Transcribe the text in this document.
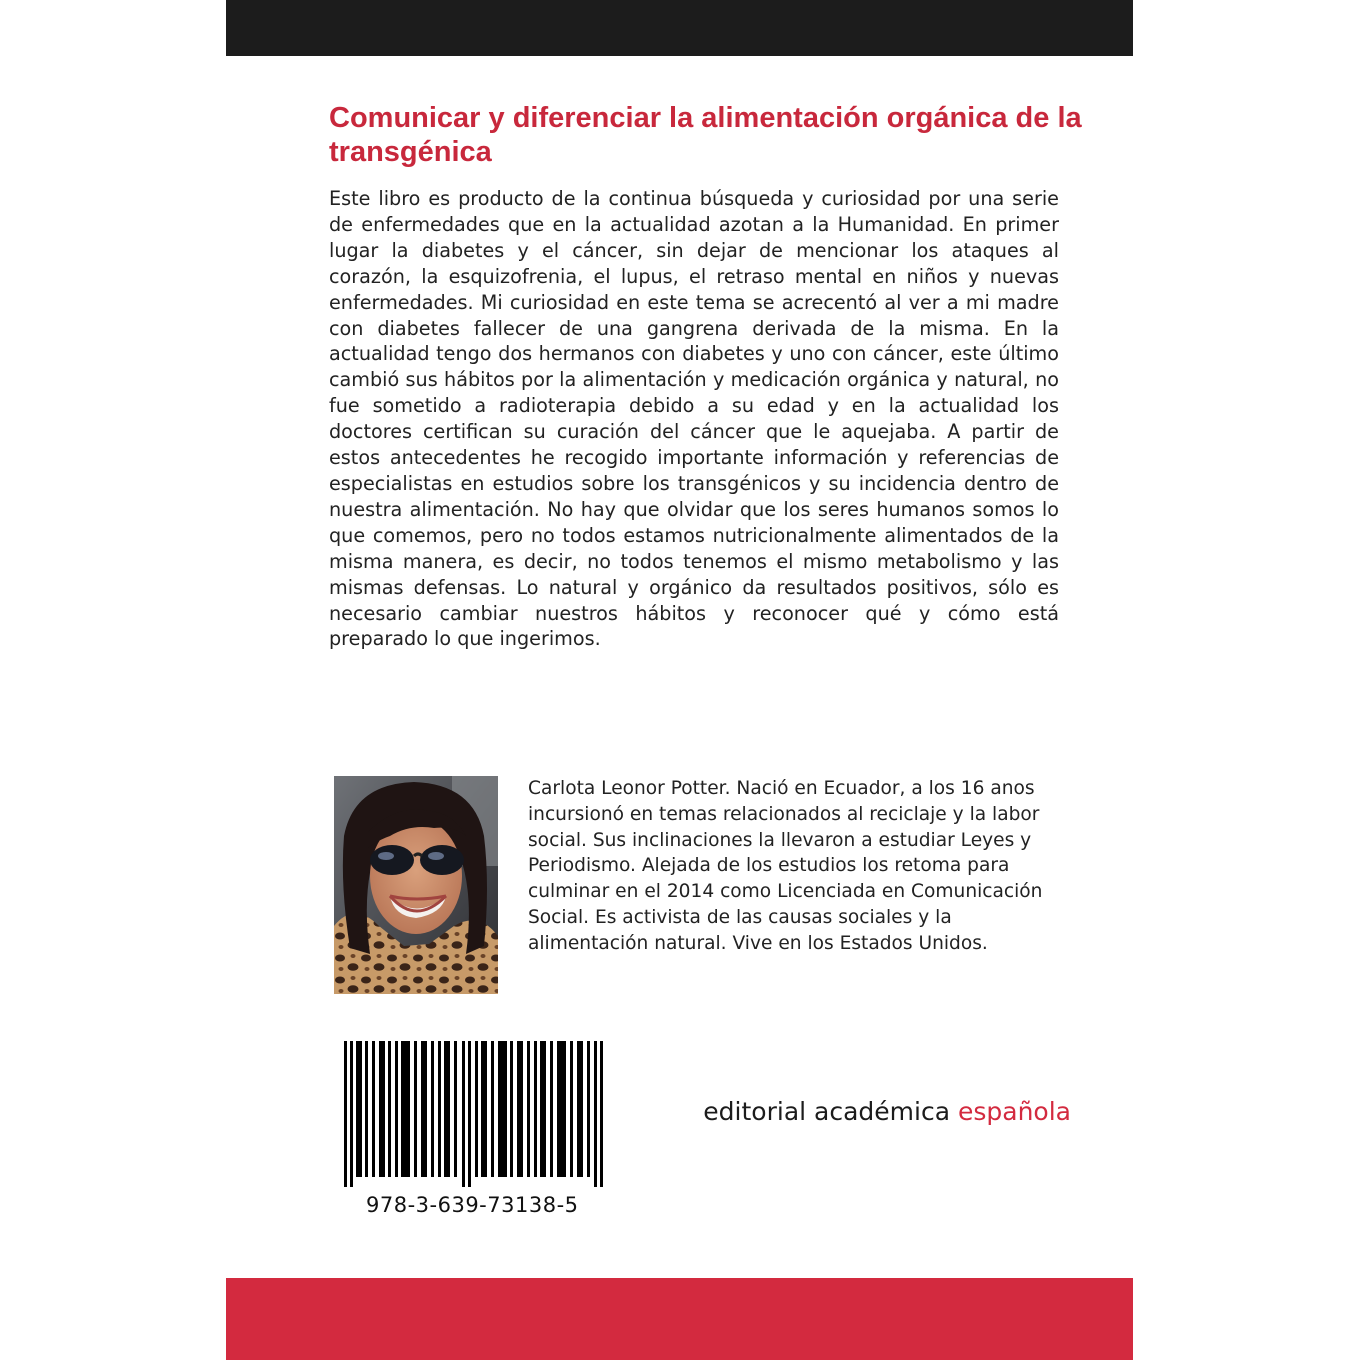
Comunicar y diferenciar la alimentación orgánica de la transgénica

Este libro es producto de la continua búsqueda y curiosidad por una serie de enfermedades que en la actualidad azotan a la Humanidad. En primer lugar la diabetes y el cáncer, sin dejar de mencionar los ataques al corazón, la esquizofrenia, el lupus, el retraso mental en niños y nuevas enfermedades. Mi curiosidad en este tema se acrecentó al ver a mi madre con diabetes fallecer de una gangrena derivada de la misma. En la actualidad tengo dos hermanos con diabetes y uno con cáncer, este último cambió sus hábitos por la alimentación y medicación orgánica y natural, no fue sometido a radioterapia debido a su edad y en la actualidad los doctores certifican su curación del cáncer que le aquejaba. A partir de estos antecedentes he recogido importante información y referencias de especialistas en estudios sobre los transgénicos y su incidencia dentro de nuestra alimentación. No hay que olvidar que los seres humanos somos lo que comemos, pero no todos estamos nutricionalmente alimentados de la misma manera, es decir, no todos tenemos el mismo metabolismo y las mismas defensas. Lo natural y orgánico da resultados positivos, sólo es necesario cambiar nuestros hábitos y reconocer qué y cómo está preparado lo que ingerimos.

Carlota Leonor Potter. Nació en Ecuador, a los 16 anos incursionó en temas relacionados al reciclaje y la labor social. Sus inclinaciones la llevaron a estudiar Leyes y Periodismo. Alejada de los estudios los retoma para culminar en el 2014 como Licenciada en Comunicación Social. Es activista de las causas sociales y la alimentación natural. Vive en los Estados Unidos.

978-3-639-73138-5
editorial académica española
